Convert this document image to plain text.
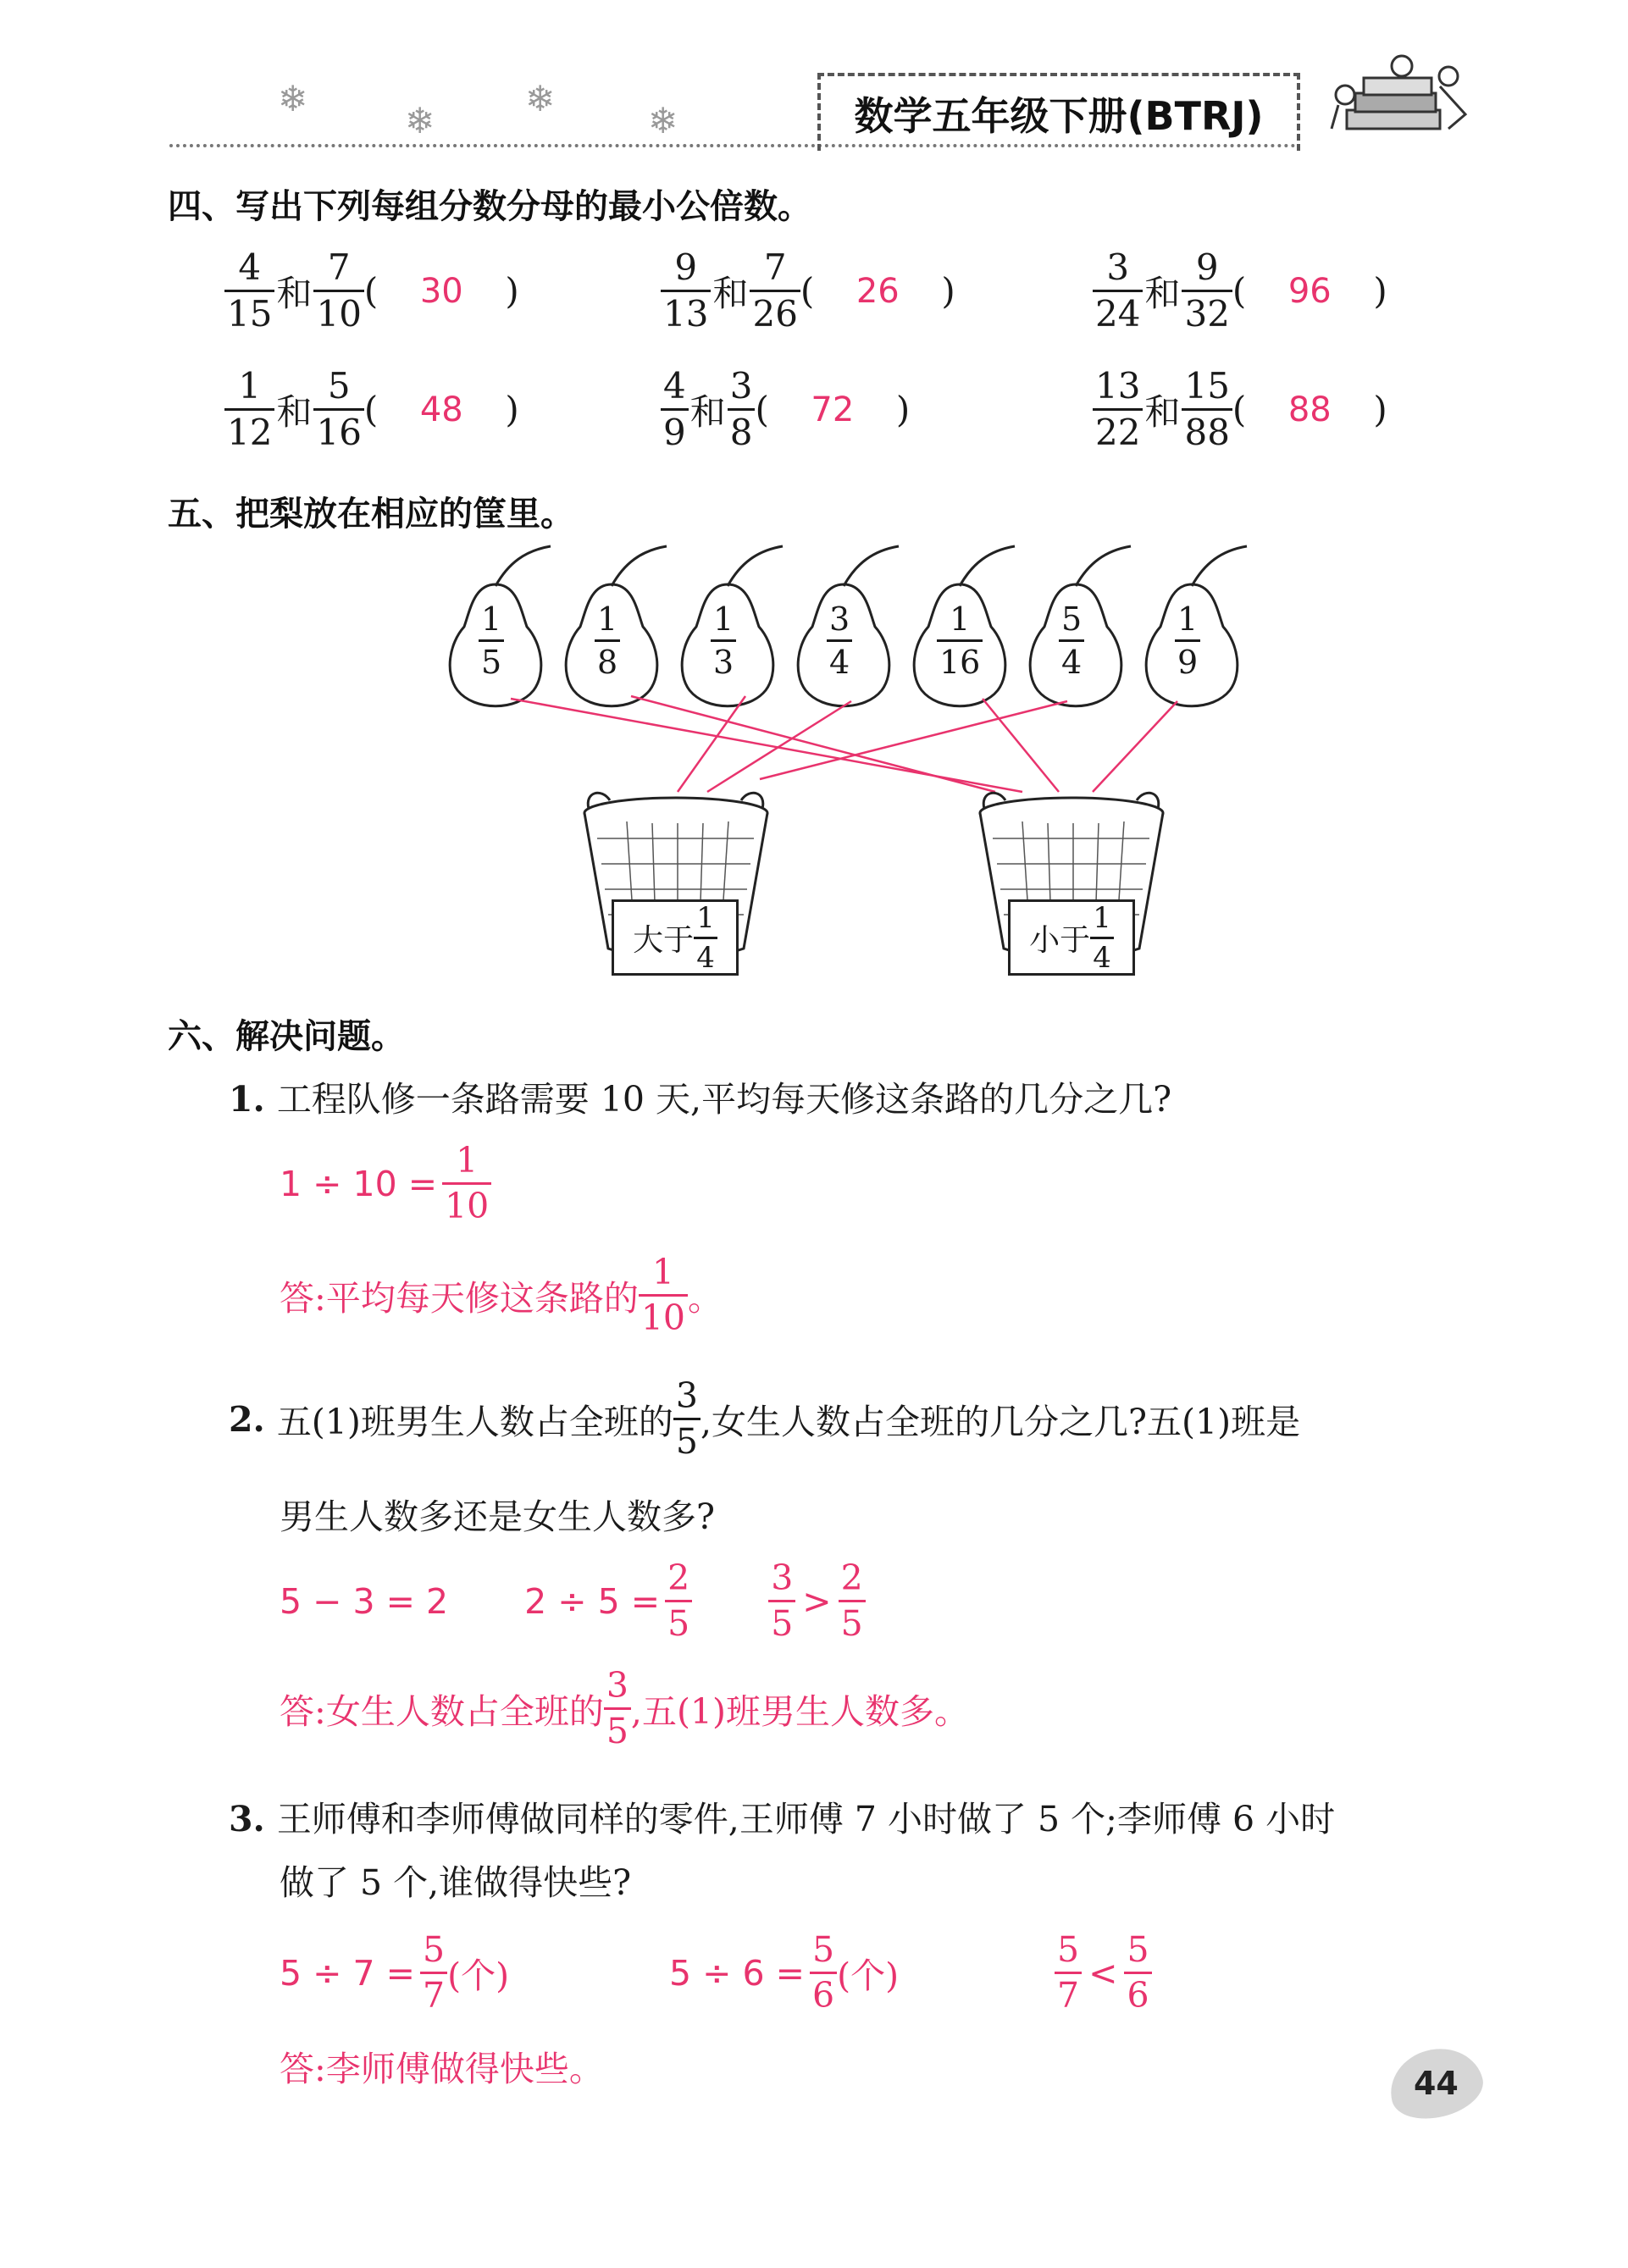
❄
❄
❄
❄	数学五年级下册(BTRJ)
四、写出下列每组分数分母的最小公倍数。
$\frac{4}{15}$ 和 $\frac{7}{10}$ (	30	)	$\frac{9}{13}$ 和 $\frac{7}{26}$ (	26	)	$\frac{3}{24}$ 和 $\frac{9}{32}$ (	96	)
$\frac{1}{12}$ 和 $\frac{5}{16}$ (	48	)	$\frac{4}{9}$ 和 $\frac{3}{8}$ (	72	)	$\frac{13}{22}$ 和 $\frac{15}{88}$ (	88	)
五、把梨放在相应的筐里。
$\frac{1}{5}$	$\frac{1}{8}$	$\frac{1}{3}$	$\frac{3}{4}$	$\frac{1}{16} \frac{5}{4}$	$\frac{1}{9}$
大于 $\frac{1}{4}$	小于 $\frac{1}{4}$
六、解决问题。
1. 工程队修一条路需要 10 天,平均每天修这条路的几分之几?
$1 \div 10 = \frac{1}{10}$
答:平均每天修这条路的 $\frac{1}{10}$ 。
2. 五(1)班男生人数占全班的 $\frac{3}{5}$ ,女生人数占全班的几分之几?五(1)班是
男生人数多还是女生人数多?
5 − 3 = 2 $2 \div 5 = \frac{2}{5} \frac{3}{5} > \frac{2}{5}$
答:女生人数占全班的 $\frac{3}{5}$ ,五(1)班男生人数多。
3. 王师傅和李师傅做同样的零件,王师傅 7 小时做了 5 个;李师傅 6 小时
做了 5 个,谁做得快些?
$5 \div 7 = \frac{5}{7}$ (个)	$5 \div 6 = \frac{5}{6}$ (个)	$\frac{5}{7} < \frac{5}{6}$
答:李师傅做得快些。	44
